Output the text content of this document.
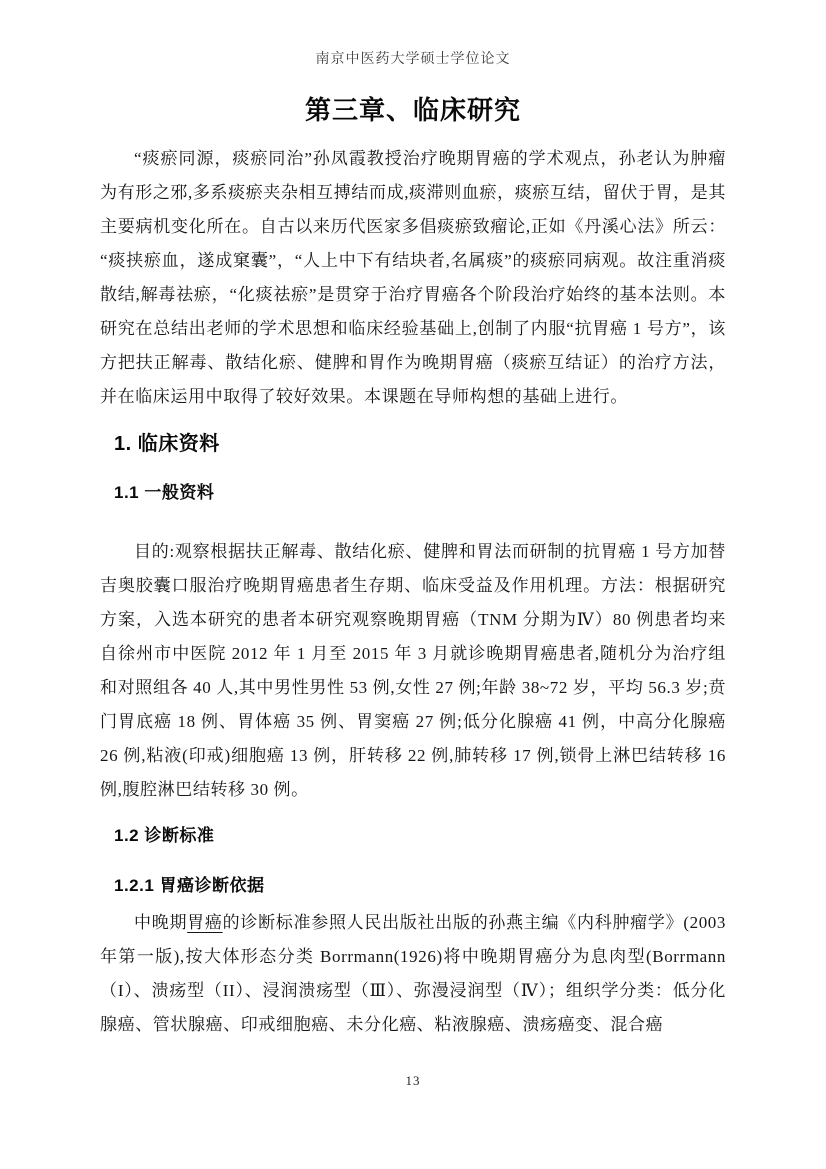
南京中医药大学硕士学位论文
第三章、临床研究

“痰瘀同源，痰瘀同治”孙凤霞教授治疗晚期胃癌的学术观点，孙老认为肿瘤为有形之邪,多系痰瘀夹杂相互搏结而成,痰滞则血瘀，痰瘀互结，留伏于胃，是其主要病机变化所在。自古以来历代医家多倡痰瘀致瘤论,正如《丹溪心法》所云：“痰挟瘀血，遂成窠囊”，“人上中下有结块者,名属痰”的痰瘀同病观。故注重消痰散结,解毒祛瘀，“化痰祛瘀”是贯穿于治疗胃癌各个阶段治疗始终的基本法则。本研究在总结出老师的学术思想和临床经验基础上,创制了内服“抗胃癌 1 号方”，该方把扶正解毒、散结化瘀、健脾和胃作为晚期胃癌（痰瘀互结证）的治疗方法，并在临床运用中取得了较好效果。本课题在导师构想的基础上进行。

1. 临床资料
1.1 一般资料

目的:观察根据扶正解毒、散结化瘀、健脾和胃法而研制的抗胃癌 1 号方加替吉奥胶囊口服治疗晚期胃癌患者生存期、临床受益及作用机理。方法：根据研究方案，入选本研究的患者本研究观察晚期胃癌（TNM 分期为Ⅳ）80 例患者均来自徐州市中医院 2012 年 1 月至 2015 年 3 月就诊晚期胃癌患者,随机分为治疗组和对照组各 40 人,其中男性男性 53 例,女性 27 例;年龄 38~72 岁，平均 56.3 岁;贲门胃底癌 18 例、胃体癌 35 例、胃窦癌 27 例;低分化腺癌 41 例，中高分化腺癌 26 例,粘液(印戒)细胞癌 13 例，肝转移 22 例,肺转移 17 例,锁骨上淋巴结转移 16 例,腹腔淋巴结转移 30 例。

1.2 诊断标准
1.2.1 胃癌诊断依据

中晚期胃癌的诊断标准参照人民出版社出版的孙燕主编《内科肿瘤学》(2003 年第一版),按大体形态分类 Borrmann(1926)将中晚期胃癌分为息肉型(Borrmann（I）、溃疡型（II）、浸润溃疡型（Ⅲ）、弥漫浸润型（Ⅳ）；组织学分类：低分化腺癌、管状腺癌、印戒细胞癌、未分化癌、粘液腺癌、溃疡癌变、混合癌

13
